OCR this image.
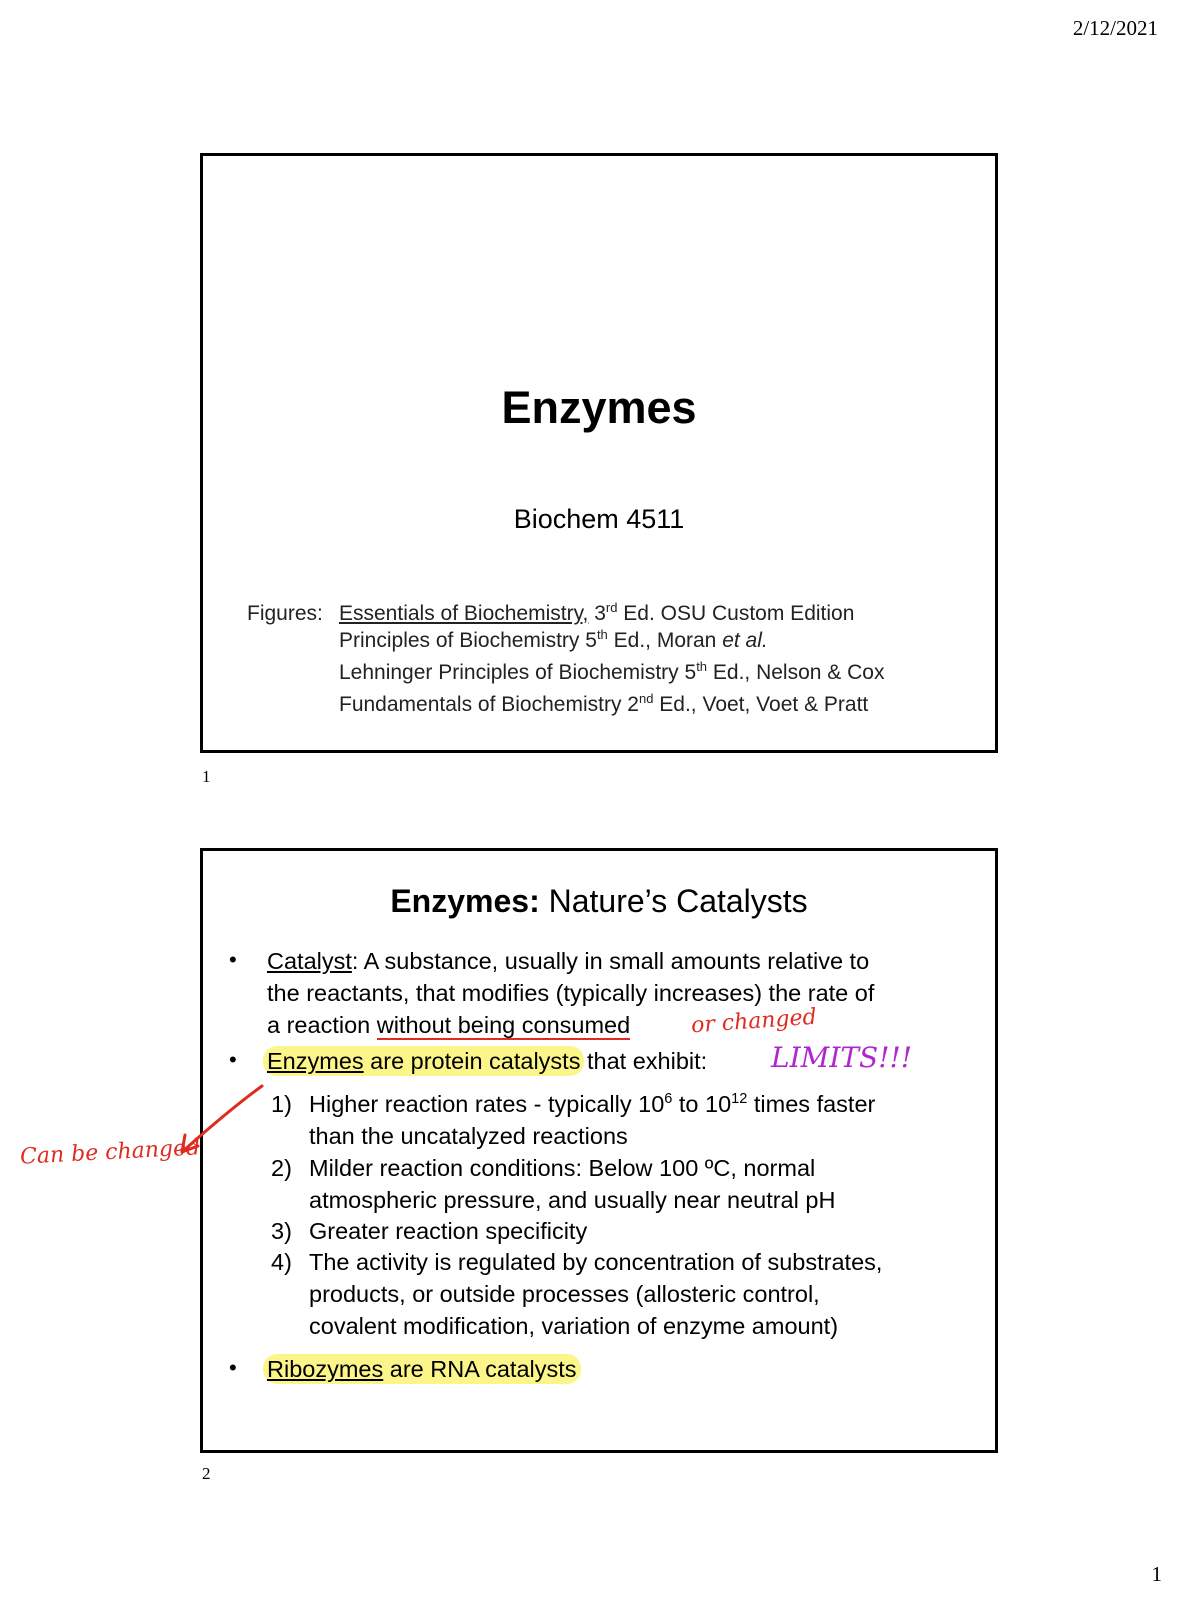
2/12/2021
Enzymes
Biochem 4511
Figures: Essentials of Biochemistry, 3rd Ed. OSU Custom Edition
Principles of Biochemistry 5th Ed., Moran et al.
Lehninger Principles of Biochemistry 5th Ed., Nelson & Cox
Fundamentals of Biochemistry 2nd Ed., Voet, Voet & Pratt
1
Enzymes: Nature’s Catalysts
• Catalyst: A substance, usually in small amounts relative to
the reactants, that modifies (typically increases) the rate of
a reaction without being consumed	or changed
• Enzymes are protein catalysts that exhibit: LIMITS!!!
1) Higher reaction rates - typically $10^6$ to $10^{12}$ times faster
than the uncatalyzed reactions
2) Milder reaction conditions: Below 100 ºC, normal
atmospheric pressure, and usually near neutral pH
3) Greater reaction specificity
4) The activity is regulated by concentration of substrates,
products, or outside processes (allosteric control,
covalent modification, variation of enzyme amount)
• Ribozymes are RNA catalysts
2
Can be changed
1
